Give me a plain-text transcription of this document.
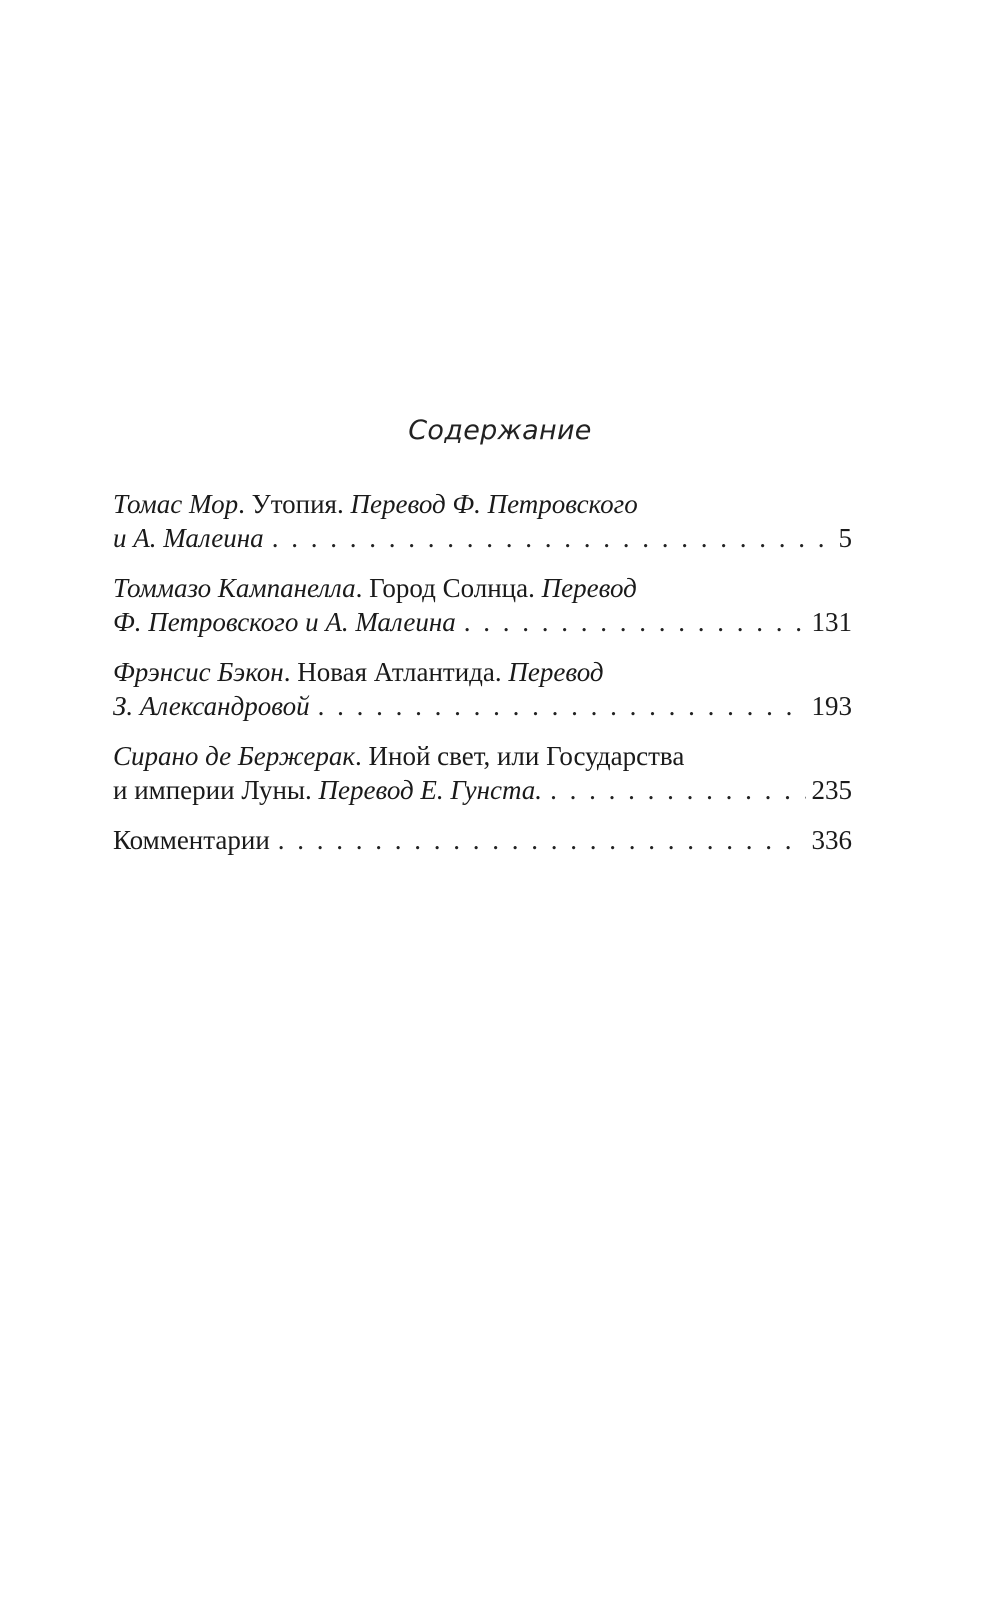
Содержание
Томас Мор . Утопия.
Перевод Ф. Петровского
и А. Малеина . . .	5
Томмазо Кампанелла . Город Солнца.
Перевод
Ф. Петровского и А. Малеина . . .	131
Фрэнсис Бэкон . Новая Атлантида.
Перевод
З. Александровой . . .	193
Сирано де Бержерак . Иной свет, или Государства
и империи Луны.
Перевод Е. Гунста. . . .	235
Комментарии . . .	336
